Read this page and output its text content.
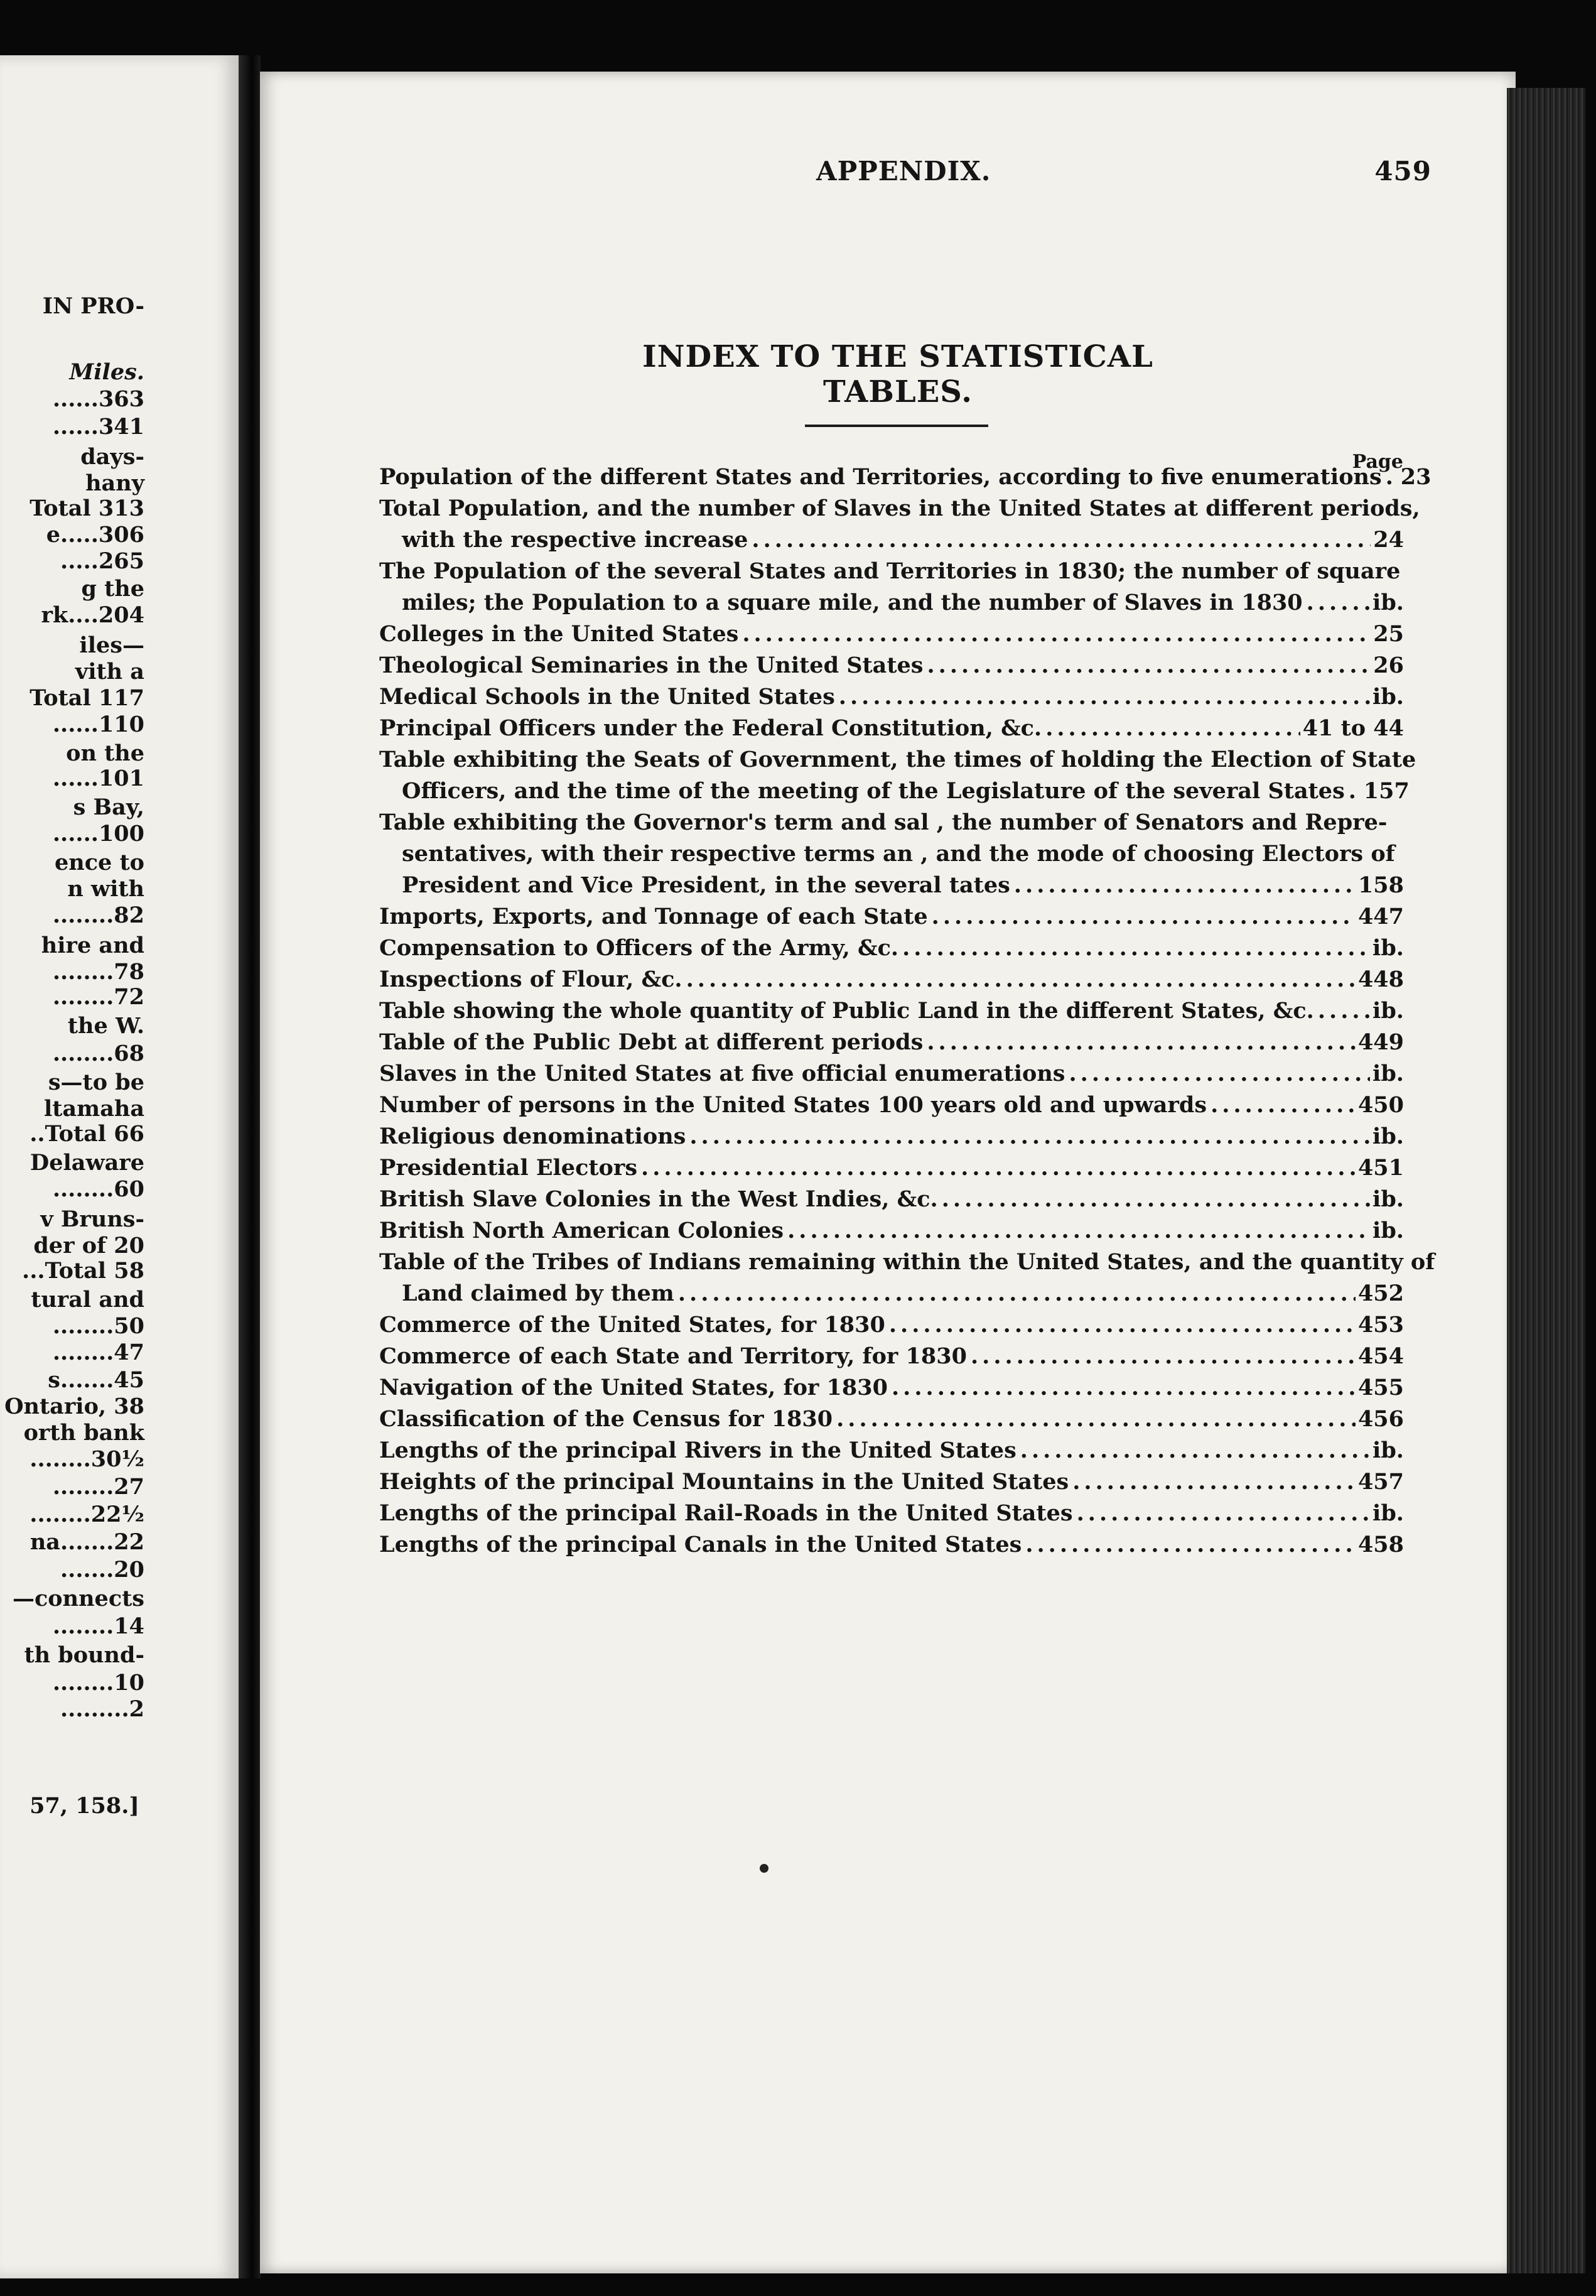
IN PRO-
Miles.
......363
......341
days-
hany
Total 313
e.....306
.....265
g the
rk....204
iles—
vith a
Total 117
......110
on the
......101
s Bay,
......100
ence to
n with
........82
hire and
........78
........72
the W.
........68
s—to be
ltamaha
..Total 66
Delaware
........60
v Bruns-
der of 20
...Total 58
tural and
........50
........47
s.......45
Ontario, 38
orth bank
........30½
........27
........22½
na.......22
.......20
—connects
........14
th bound-
........10
.........2
57, 158.]
APPENDIX.	459
INDEX TO THE STATISTICAL TABLES.
Page
Population of the different States and Territories, according to five enumerations ..... 23
Total Population, and the number of Slaves in the United States at different periods,
with the respective increase .....	24
The Population of the several States and Territories in 1830; the number of square
miles; the Population to a square mile, and the number of Slaves in 1830 .....	ib.
Colleges in the United States .....	25
Theological Seminaries in the United States .....	26
Medical Schools in the United States .....	ib.
Principal Officers under the Federal Constitution, &c. .....	41 to 44
Table exhibiting the Seats of Government, the times of holding the Election of State
Officers, and the time of the meeting of the Legislature of the several States ..... 157
Table exhibiting the Governor's term and sal , the number of Senators and Repre-
sentatives, with their respective terms an , and the mode of choosing Electors of
President and Vice President, in the several tates .....	158
Imports, Exports, and Tonnage of each State .....	447
Compensation to Officers of the Army, &c. .....	ib.
Inspections of Flour, &c. .....	448
Table showing the whole quantity of Public Land in the different States, &c. .....	ib.
Table of the Public Debt at different periods .....	449
Slaves in the United States at five official enumerations .....	ib.
Number of persons in the United States 100 years old and upwards .....	450
Religious denominations .....	ib.
Presidential Electors .....	451
British Slave Colonies in the West Indies, &c. .....	ib.
British North American Colonies .....	ib.
Table of the Tribes of Indians remaining within the United States, and the quantity of
Land claimed by them .....	452
Commerce of the United States, for 1830 .....	453
Commerce of each State and Territory, for 1830 .....	454
Navigation of the United States, for 1830 .....	455
Classification of the Census for 1830 .....	456
Lengths of the principal Rivers in the United States .....	ib.
Heights of the principal Mountains in the United States .....	457
Lengths of the principal Rail-Roads in the United States .....	ib.
Lengths of the principal Canals in the United States .....	458
